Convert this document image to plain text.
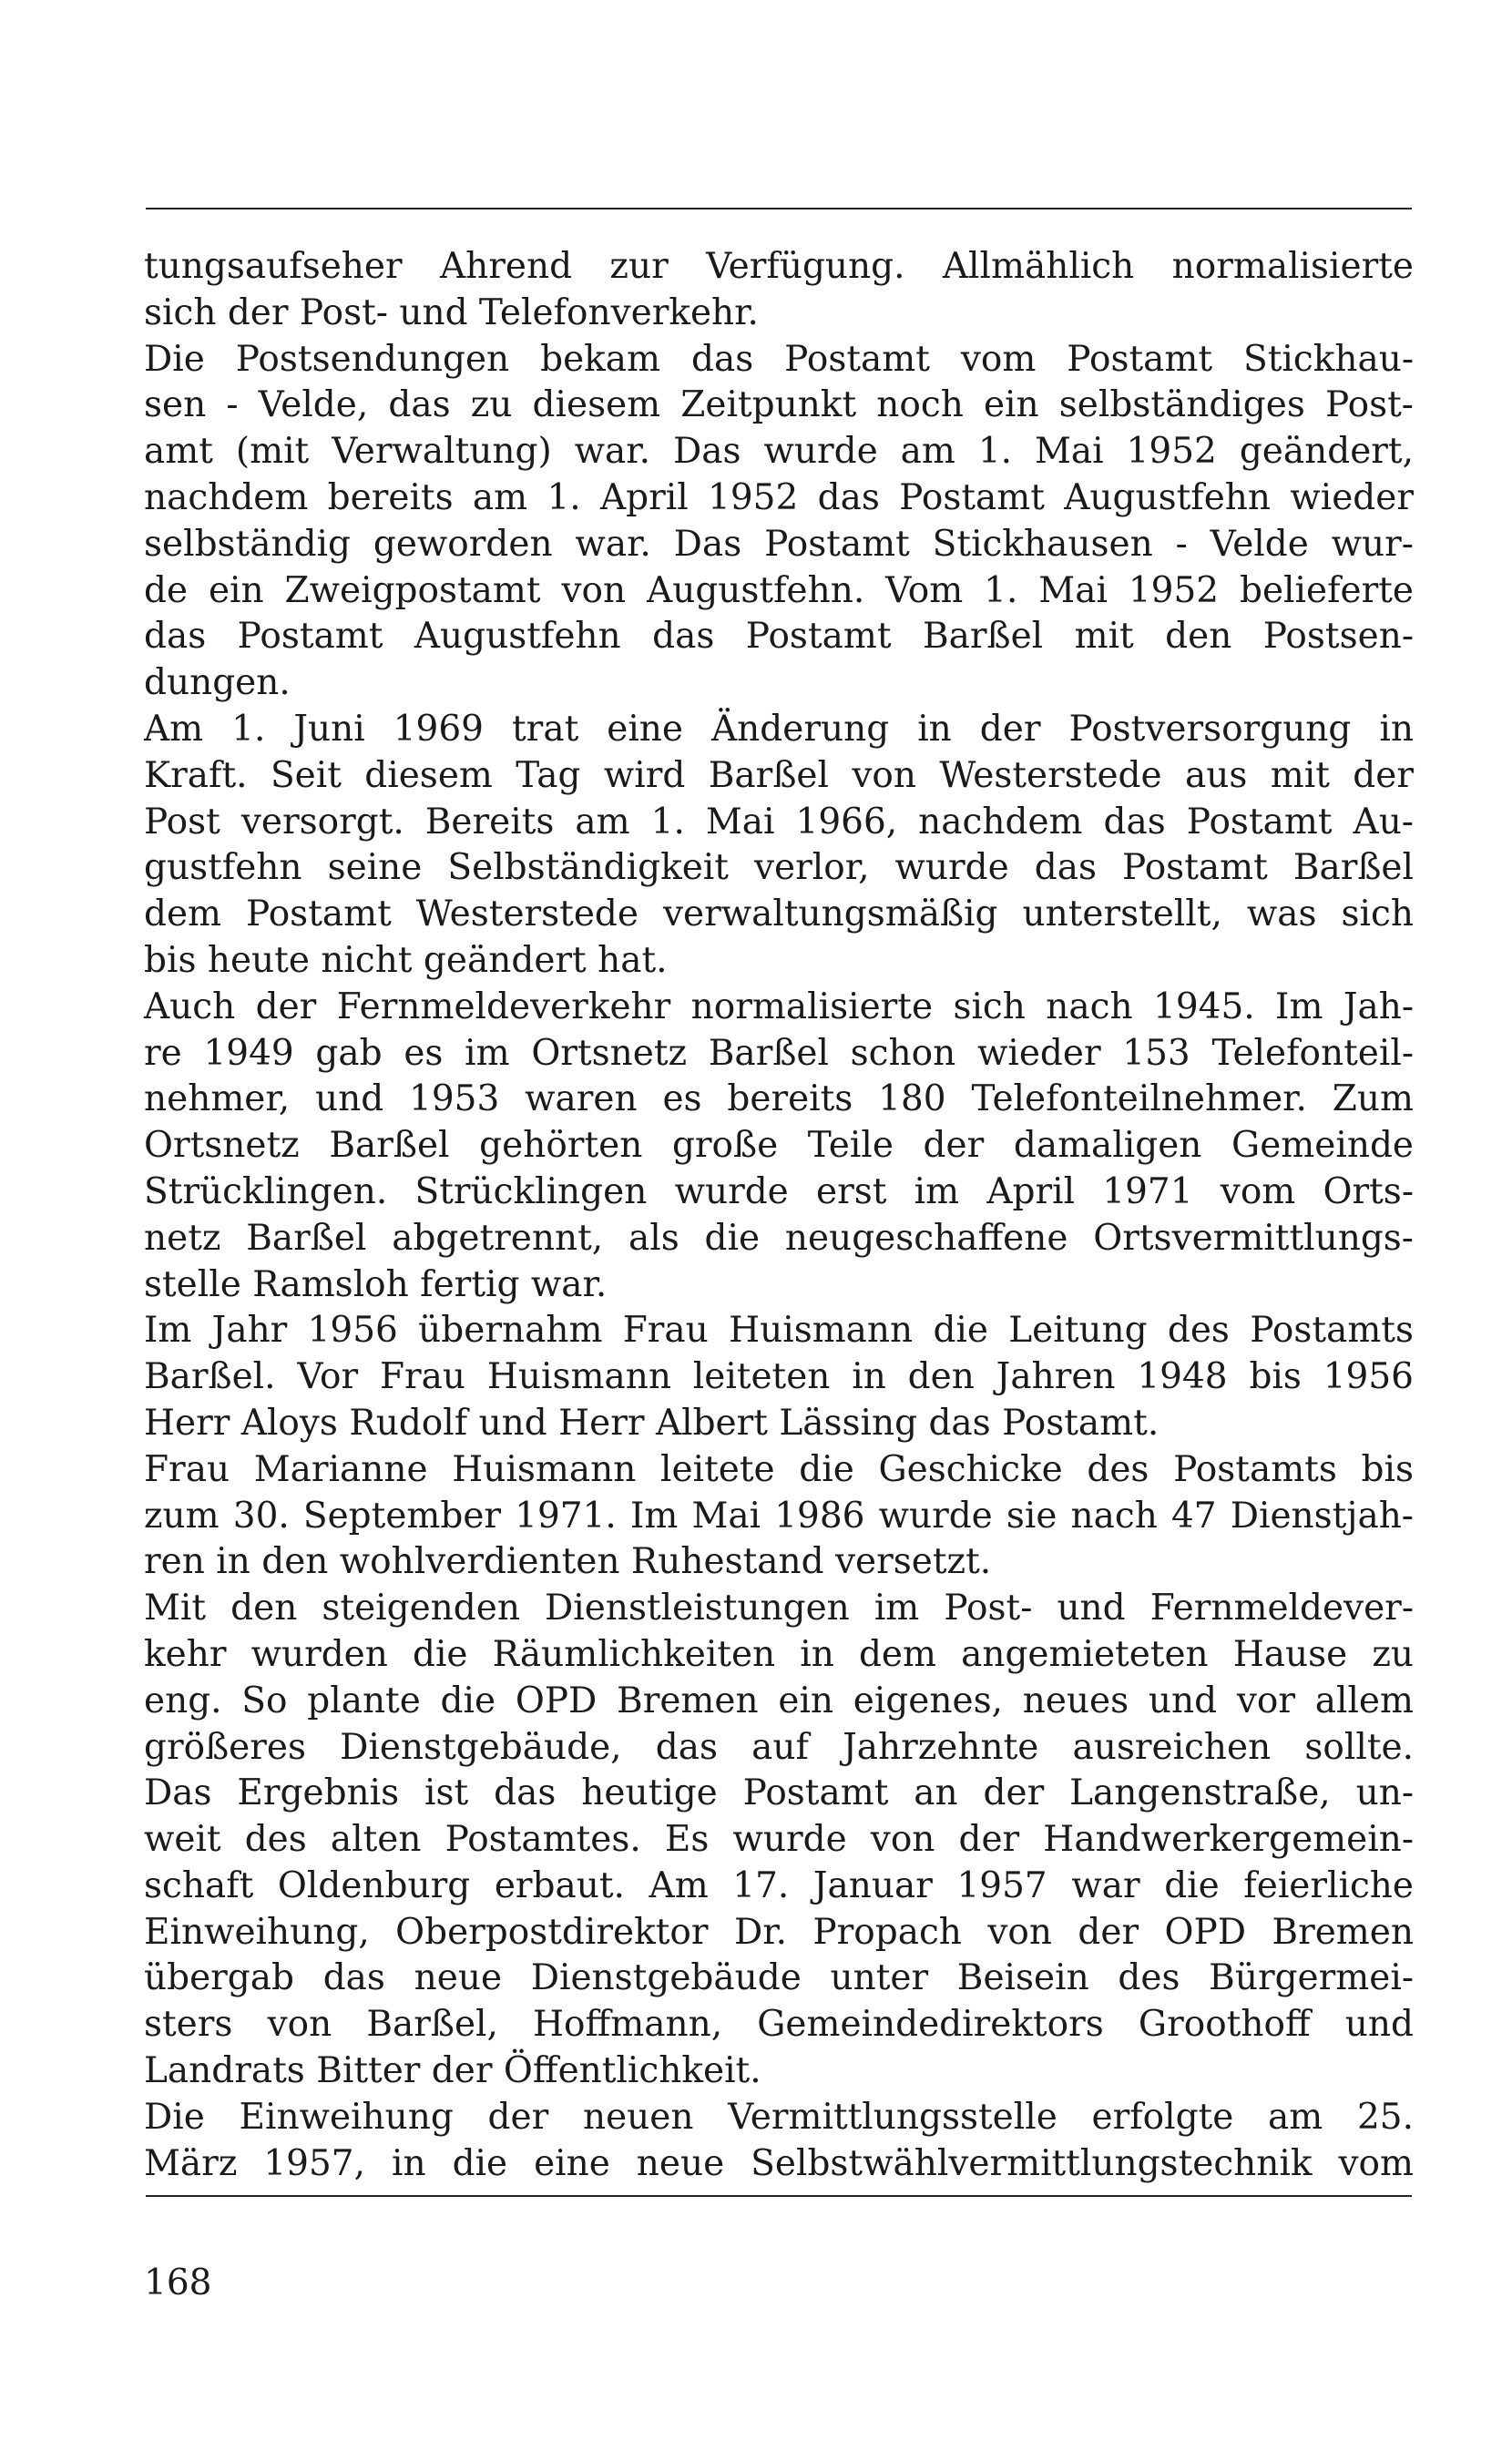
tungsaufseher Ahrend zur Verfügung. Allmählich normalisierte
sich der Post- und Telefonverkehr.
Die Postsendungen bekam das Postamt vom Postamt Stickhau-
sen - Velde, das zu diesem Zeitpunkt noch ein selbständiges Post-
amt (mit Verwaltung) war. Das wurde am 1. Mai 1952 geändert,
nachdem bereits am 1. April 1952 das Postamt Augustfehn wieder
selbständig geworden war. Das Postamt Stickhausen - Velde wur-
de ein Zweigpostamt von Augustfehn. Vom 1. Mai 1952 belieferte
das Postamt Augustfehn das Postamt Barßel mit den Postsen-
dungen.
Am 1. Juni 1969 trat eine Änderung in der Postversorgung in
Kraft. Seit diesem Tag wird Barßel von Westerstede aus mit der
Post versorgt. Bereits am 1. Mai 1966, nachdem das Postamt Au-
gustfehn seine Selbständigkeit verlor, wurde das Postamt Barßel
dem Postamt Westerstede verwaltungsmäßig unterstellt, was sich
bis heute nicht geändert hat.
Auch der Fernmeldeverkehr normalisierte sich nach 1945. Im Jah-
re 1949 gab es im Ortsnetz Barßel schon wieder 153 Telefonteil-
nehmer, und 1953 waren es bereits 180 Telefonteilnehmer. Zum
Ortsnetz Barßel gehörten große Teile der damaligen Gemeinde
Strücklingen. Strücklingen wurde erst im April 1971 vom Orts-
netz Barßel abgetrennt, als die neugeschaffene Ortsvermittlungs-
stelle Ramsloh fertig war.
Im Jahr 1956 übernahm Frau Huismann die Leitung des Postamts
Barßel. Vor Frau Huismann leiteten in den Jahren 1948 bis 1956
Herr Aloys Rudolf und Herr Albert Lässing das Postamt.
Frau Marianne Huismann leitete die Geschicke des Postamts bis
zum 30. September 1971. Im Mai 1986 wurde sie nach 47 Dienstjah-
ren in den wohlverdienten Ruhestand versetzt.
Mit den steigenden Dienstleistungen im Post- und Fernmeldever-
kehr wurden die Räumlichkeiten in dem angemieteten Hause zu
eng. So plante die OPD Bremen ein eigenes, neues und vor allem
größeres Dienstgebäude, das auf Jahrzehnte ausreichen sollte.
Das Ergebnis ist das heutige Postamt an der Langenstraße, un-
weit des alten Postamtes. Es wurde von der Handwerkergemein-
schaft Oldenburg erbaut. Am 17. Januar 1957 war die feierliche
Einweihung, Oberpostdirektor Dr. Propach von der OPD Bremen
übergab das neue Dienstgebäude unter Beisein des Bürgermei-
sters von Barßel, Hoffmann, Gemeindedirektors Groothoff und
Landrats Bitter der Öffentlichkeit.
Die Einweihung der neuen Vermittlungsstelle erfolgte am 25.
März 1957, in die eine neue Selbstwählvermittlungstechnik vom
168
